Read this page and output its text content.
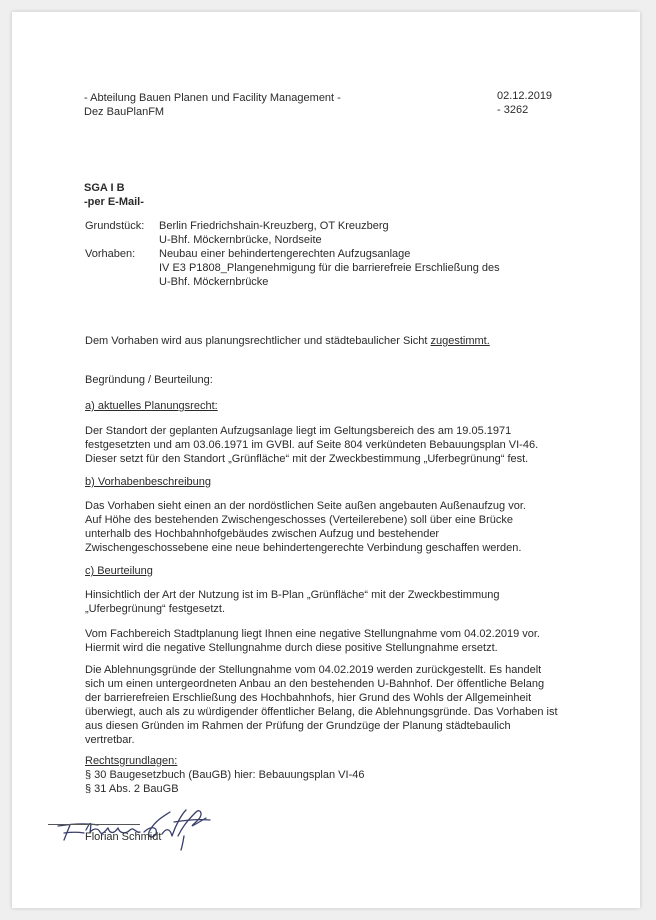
- Abteilung Bauen Planen und Facility Management -
Dez BauPlanFM
02.12.2019
- 3262
SGA I B
-per E-Mail-
Grundstück: Berlin Friedrichshain-Kreuzberg, OT Kreuzberg
U-Bhf. Möckernbrücke, Nordseite
Vorhaben: Neubau einer behindertengerechten Aufzugsanlage
IV E3 P1808_Plangenehmigung für die barrierefreie Erschließung des
U-Bhf. Möckernbrücke
Dem Vorhaben wird aus planungsrechtlicher und städtebaulicher Sicht zugestimmt.
Begründung / Beurteilung:
a) aktuelles Planungsrecht:
Der Standort der geplanten Aufzugsanlage liegt im Geltungsbereich des am 19.05.1971
festgesetzten und am 03.06.1971 im GVBl. auf Seite 804 verkündeten Bebauungsplan VI-46.
Dieser setzt für den Standort „Grünfläche“ mit der Zweckbestimmung „Uferbegrünung“ fest.
b) Vorhabenbeschreibung
Das Vorhaben sieht einen an der nordöstlichen Seite außen angebauten Außenaufzug vor.
Auf Höhe des bestehenden Zwischengeschosses (Verteilerebene) soll über eine Brücke
unterhalb des Hochbahnhofgebäudes zwischen Aufzug und bestehender
Zwischengeschossebene eine neue behindertengerechte Verbindung geschaffen werden.
c) Beurteilung
Hinsichtlich der Art der Nutzung ist im B-Plan „Grünfläche“ mit der Zweckbestimmung
„Uferbegrünung“ festgesetzt.
Vom Fachbereich Stadtplanung liegt Ihnen eine negative Stellungnahme vom 04.02.2019 vor.
Hiermit wird die negative Stellungnahme durch diese positive Stellungnahme ersetzt.
Die Ablehnungsgründe der Stellungnahme vom 04.02.2019 werden zurückgestellt. Es handelt
sich um einen untergeordneten Anbau an den bestehenden U-Bahnhof. Der öffentliche Belang
der barrierefreien Erschließung des Hochbahnhofs, hier Grund des Wohls der Allgemeinheit
überwiegt, auch als zu würdigender öffentlicher Belang, die Ablehnungsgründe. Das Vorhaben ist
aus diesen Gründen im Rahmen der Prüfung der Grundzüge der Planung städtebaulich
vertretbar.
Rechtsgrundlagen:
§ 30 Baugesetzbuch (BauGB) hier: Bebauungsplan VI-46
§ 31 Abs. 2 BauGB
Florian Schmidt
